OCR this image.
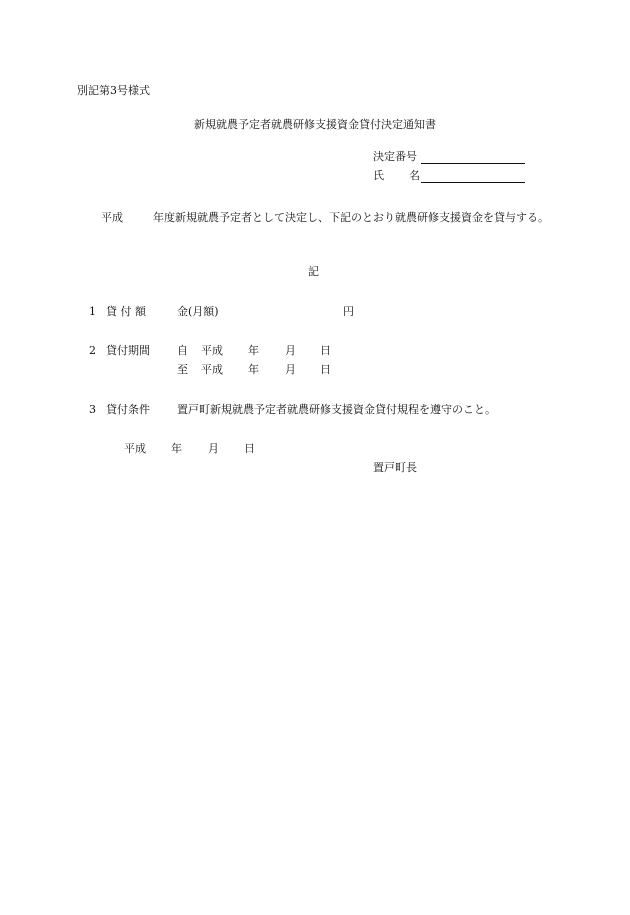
別記第3号様式
新規就農予定者就農研修支援資金貸付決定通知書
決定番号
氏 名
平成	年度新規就農予定者として決定し、下記のとおり就農研修支援資金を貸与する。
記
1 貸 付 額	金(月額)	円
2 貸付期間 自 平成 年 月 日
至 平成 年 月 日
3 貸付条件 置戸町新規就農予定者就農研修支援資金貸付規程を遵守のこと。
平成 年 月 日
置戸町長
